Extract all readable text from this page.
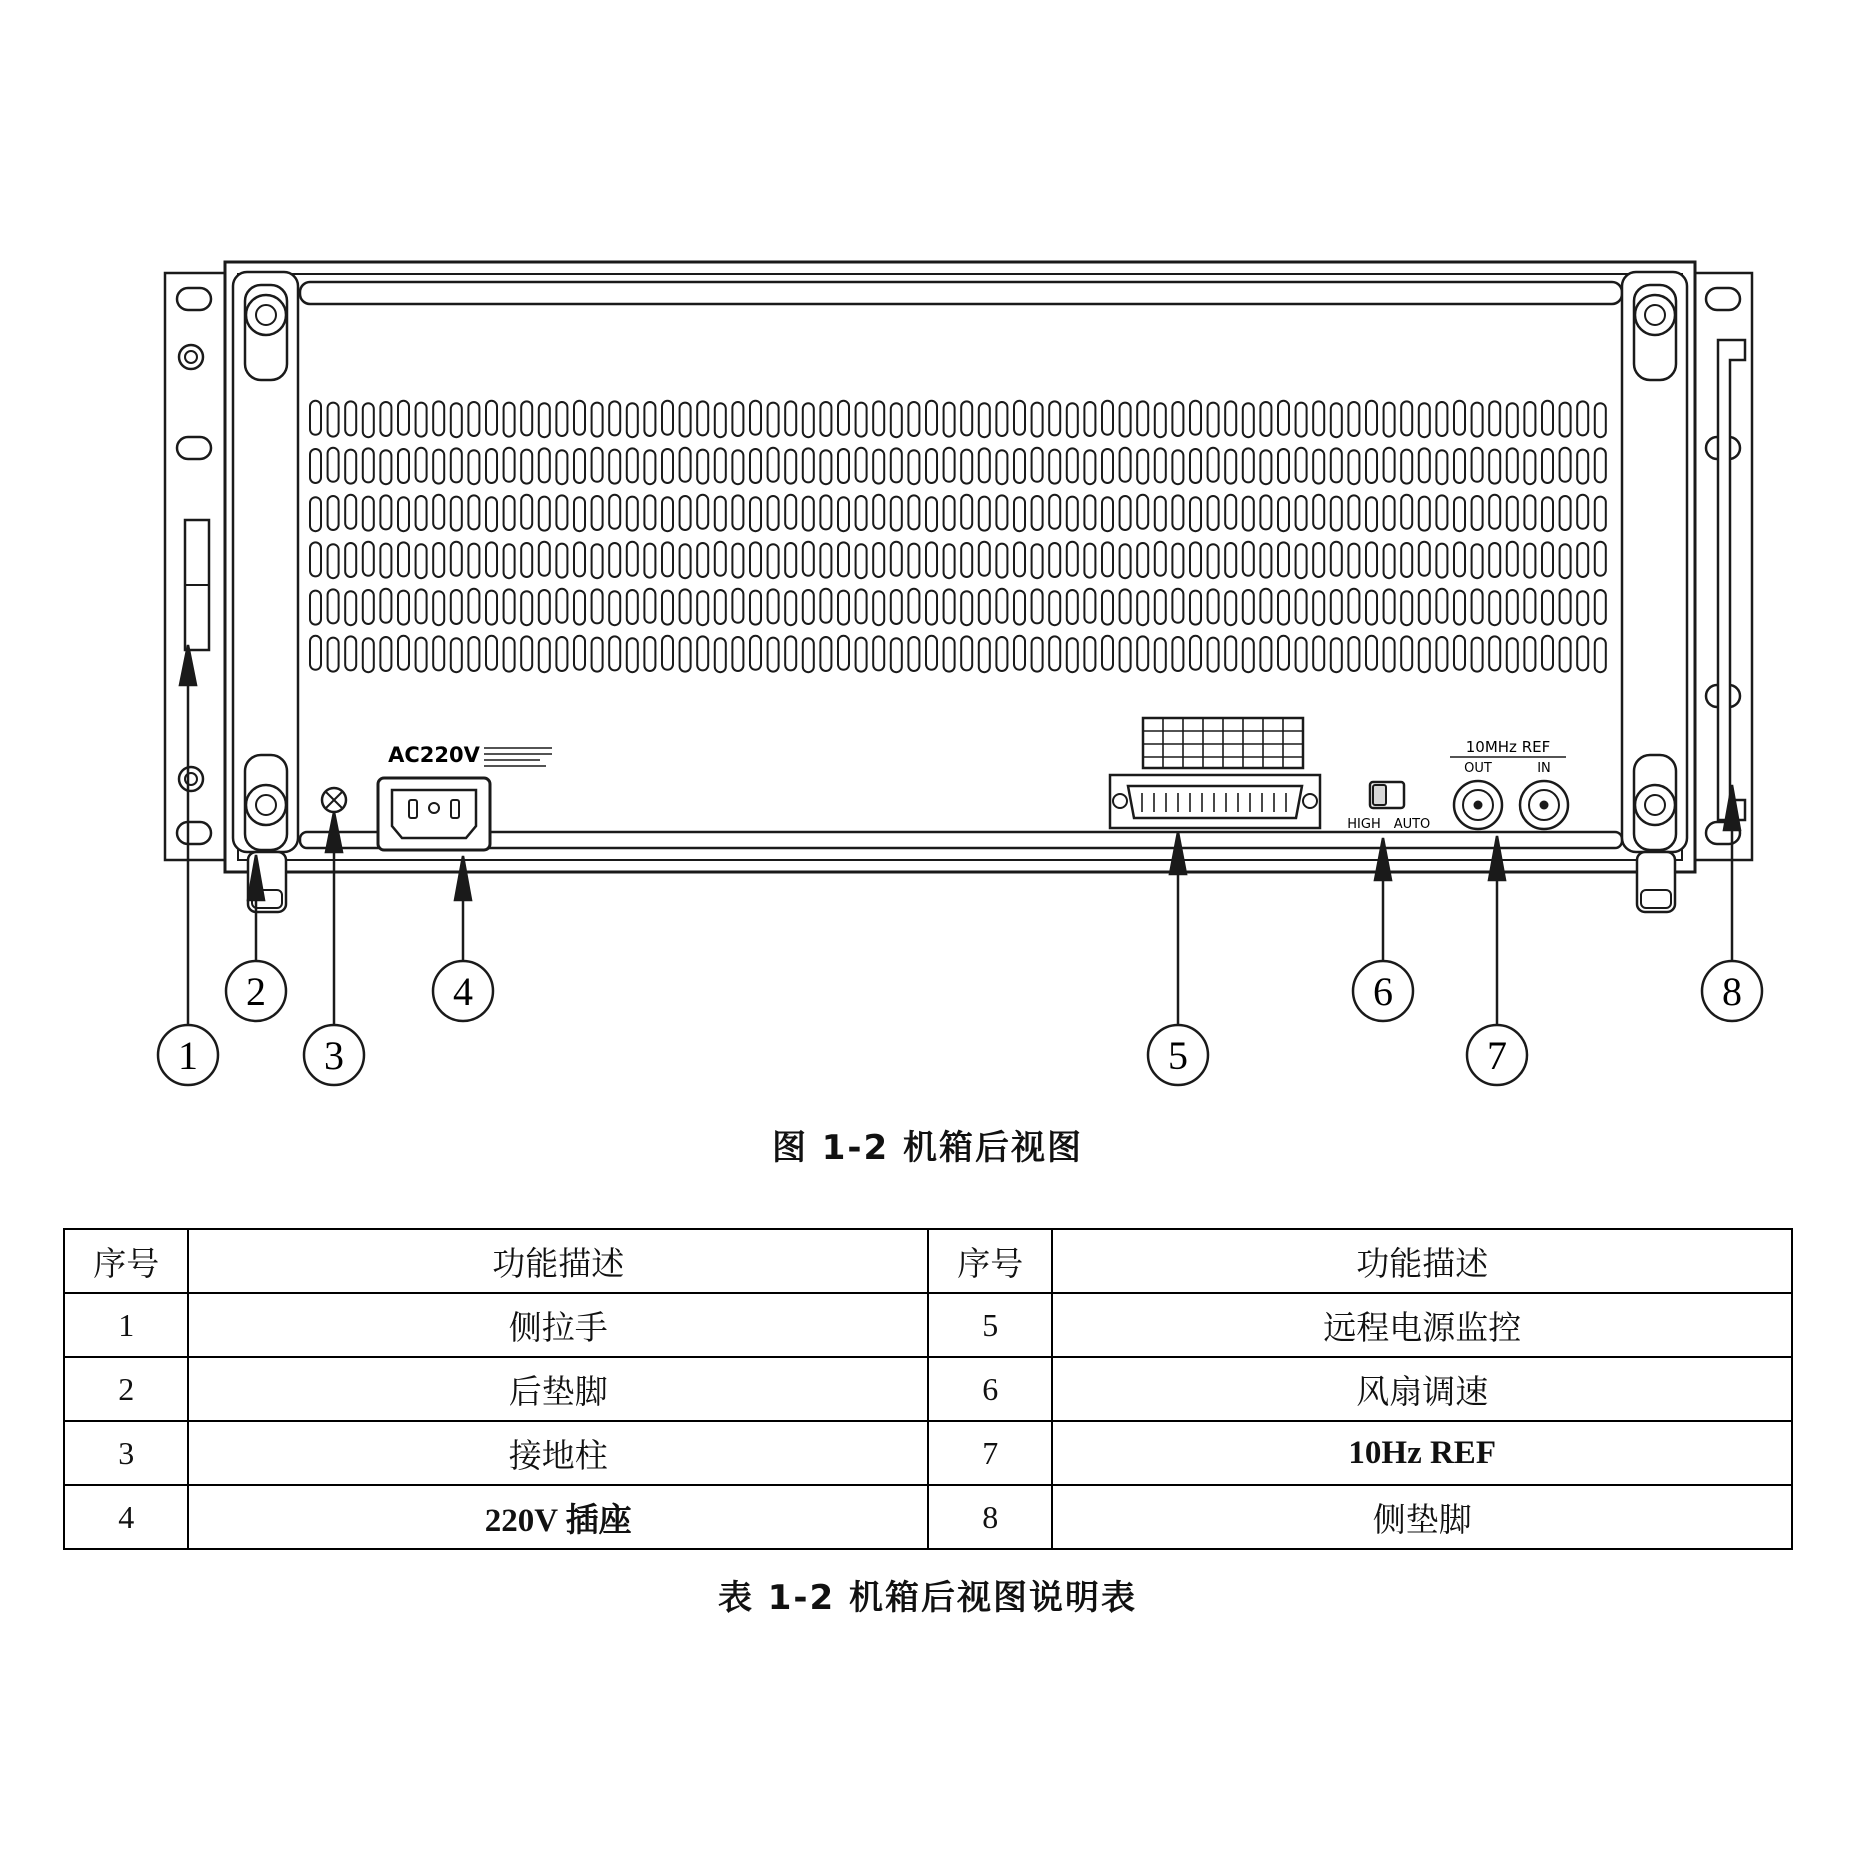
AC220V
HIGH AUTO
10MHz REF
OUT	IN
1
2
3
4
5
6
7
8
图 1-2 机箱后视图
序号	功能描述	序号	功能描述
1	侧拉手	5	远程电源监控
2	后垫脚	6	风扇调速
3	接地柱	7	10Hz REF
4	220V 插座	8	侧垫脚
表 1-2 机箱后视图说明表
